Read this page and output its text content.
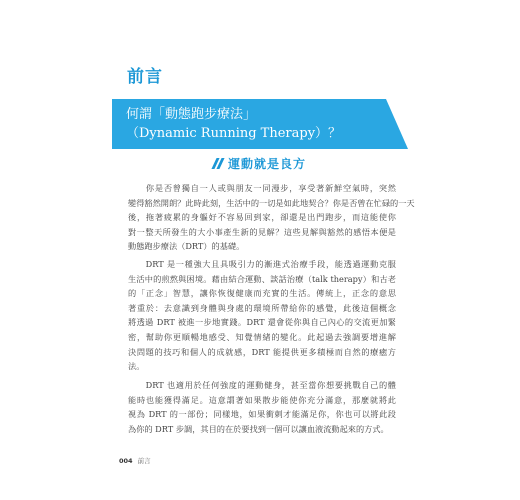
前言
何謂「動態跑步療法」
（Dynamic Running Therapy）？
運動就是良方
　　你是否曾獨自一人或與朋友一同漫步，享受著新鮮空氣時，突然
變得豁然開朗？此時此刻，生活中的一切是如此地契合？你是否曾在忙碌的一天
後，拖著疲累的身軀好不容易回到家，卻還是出門跑步，而這能使你
對一整天所發生的大小事產生新的見解？這些見解與豁然的感悟本便是
動態跑步療法（DRT）的基礎。
　　DRT 是一種強大且具吸引力的漸進式治療手段，能透過運動克服
生活中的煎熬與困境。藉由結合運動、談話治療（talk therapy）和古老
的「正念」智慧，讓你恢復健康而充實的生活。傳統上，正念的意思
著重於：去意識到身體與身處的環境所帶給你的感覺，此後這個概念
將透過 DRT 被進一步地實踐。DRT 還會從你與自己內心的交流更加緊
密，幫助你更順暢地感受、知覺情緒的變化。此起過去強調要增進解
決問題的技巧和個人的成就感，DRT 能提供更多積極而自然的療癒方
法。
　　DRT 也適用於任何強度的運動健身，甚至當你想要挑戰自己的體
能時也能獲得滿足。這意謂著如果散步能使你充分滿意，那麼就將此
視為 DRT 的一部份；同樣地，如果衝刺才能滿足你，你也可以將此段
為你的 DRT 步調，其目的在於要找到一個可以讓血液流動起來的方式。
004 前言
